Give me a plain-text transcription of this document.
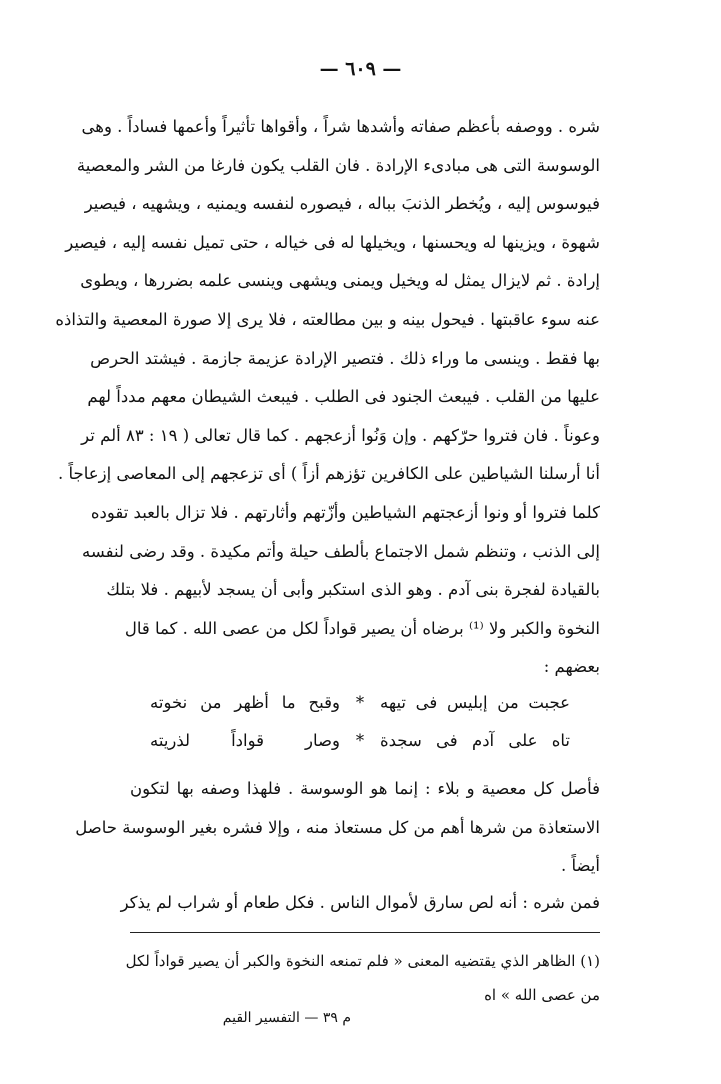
— ٦٠٩ —
شره . ووصفه بأعظم صفاته وأشدها شراً ، وأقواها تأثيراً وأعمها فساداً . وهى
الوسوسة التى هى مبادىء الإرادة . فان القلب يكون فارغا من الشر والمعصية
فيوسوس إليه ، ويُخطر الذنبَ بباله ، فيصوره لنفسه ويمنيه ، ويشهيه ، فيصير
شهوة ، ويزينها له ويحسنها ، ويخيلها له فى خياله ، حتى تميل نفسه إليه ، فيصير
إرادة . ثم لايزال يمثل له ويخيل ويمنى ويشهى وينسى علمه بضررها ، ويطوى
عنه سوء عاقبتها . فيحول بينه و بين مطالعته ، فلا يرى إلا صورة المعصية والتذاذه
بها فقط . وينسى ما وراء ذلك . فتصير الإرادة عزيمة جازمة . فيشتد الحرص
عليها من القلب . فيبعث الجنود فى الطلب . فيبعث الشيطان معهم مدداً لهم
وعوناً . فان فتروا حرّكهم . وإن وَنُوا أزعجهم . كما قال تعالى ( ١٩ : ٨٣ ألم تر
أنا أرسلنا الشياطين على الكافرين تؤزهم أزاً ) أى تزعجهم إلى المعاصى إزعاجاً .
كلما فتروا أو ونوا أزعجتهم الشياطين وأزّتهم وأثارتهم . فلا تزال بالعبد تقوده
إلى الذنب ، وتنظم شمل الاجتماع بألطف حيلة وأتم مكيدة . وقد رضى لنفسه
بالقيادة لفجرة بنى آدم . وهو الذى استكبر وأبى أن يسجد لأبيهم . فلا بتلك
النخوة والكبر ولا ⁽¹⁾ برضاه أن يصير قواداً لكل من عصى الله . كما قال
بعضهم :
عجبت من إبليس فى تيهه
*
وقبح ما أظهر من نخوته
تاه على آدم فى سجدة
*
وصار قواداً لذريته
فأصل كل معصية و بلاء : إنما هو الوسوسة . فلهذا وصفه بها لتكون
الاستعاذة من شرها أهم من كل مستعاذ منه ، وإلا فشره بغير الوسوسة حاصل
أيضاً .
فمن شره : أنه لص سارق لأموال الناس . فكل طعام أو شراب لم يذكر
(١) الظاهر الذي يقتضيه المعنى « فلم تمنعه النخوة والكبر أن يصير قواداً لكل
من عصى الله » اه
م ٣٩ — التفسير القيم
